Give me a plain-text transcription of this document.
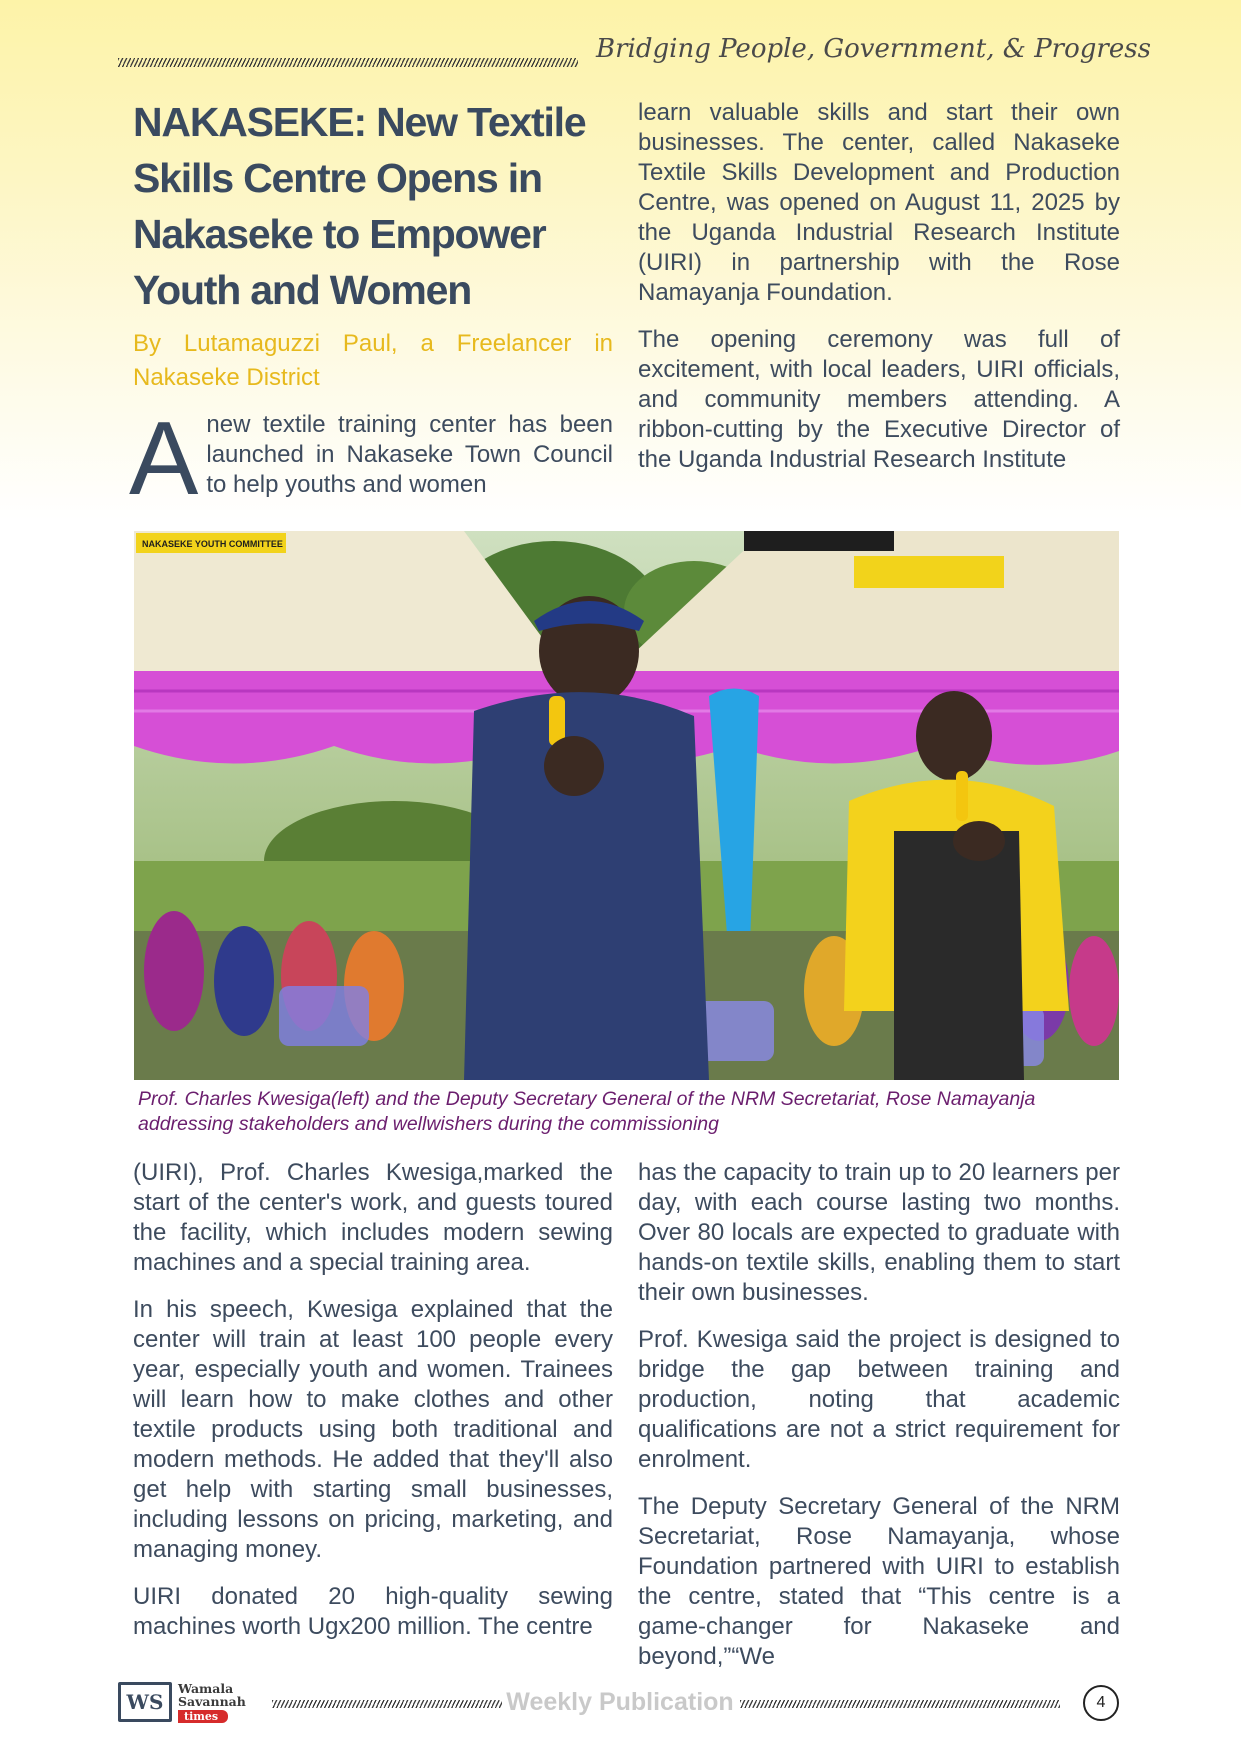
Bridging People, Government, & Progress
NAKASEKE: New Textile Skills Centre Opens in Nakaseke to Empower Youth and Women
By Lutamaguzzi Paul, a Freelancer in Nakaseke District

Anew textile training center has been launched in Nakaseke Town Council to help youths and women

learn valuable skills and start their own businesses. The center, called Nakaseke Textile Skills Development and Production Centre, was opened on August 11, 2025 by the Uganda Industrial Research Institute (UIRI) in partnership with the Rose Namayanja Foundation.

The opening ceremony was full of excitement, with local leaders, UIRI officials, and community members attending. A ribbon-cutting by the Executive Director of the Uganda Industrial Research Institute

NAKASEKE YOUTH COMMITTEE
Prof. Charles Kwesiga(left) and the Deputy Secretary General of the NRM Secretariat, Rose Namayanja addressing stakeholders and wellwishers during the commissioning

(UIRI), Prof. Charles Kwesiga,marked the start of the center's work, and guests toured the facility, which includes modern sewing machines and a special training area.

In his speech, Kwesiga explained that the center will train at least 100 people every year, especially youth and women. Trainees will learn how to make clothes and other textile products using both traditional and modern methods. He added that they'll also get help with starting small businesses, including lessons on pricing, marketing, and managing money.

UIRI donated 20 high-quality sewing machines worth Ugx200 million. The centre

has the capacity to train up to 20 learners per day, with each course lasting two months. Over 80 locals are expected to graduate with hands-on textile skills, enabling them to start their own businesses.

Prof. Kwesiga said the project is designed to bridge the gap between training and production, noting that academic qualifications are not a strict requirement for enrolment.

The Deputy Secretary General of the NRM Secretariat, Rose Namayanja, whose Foundation partnered with UIRI to establish the centre, stated that “This centre is a game-changer for Nakaseke and beyond,”“We

WS
Wamala
Savannah
times
Weekly Publication	4
